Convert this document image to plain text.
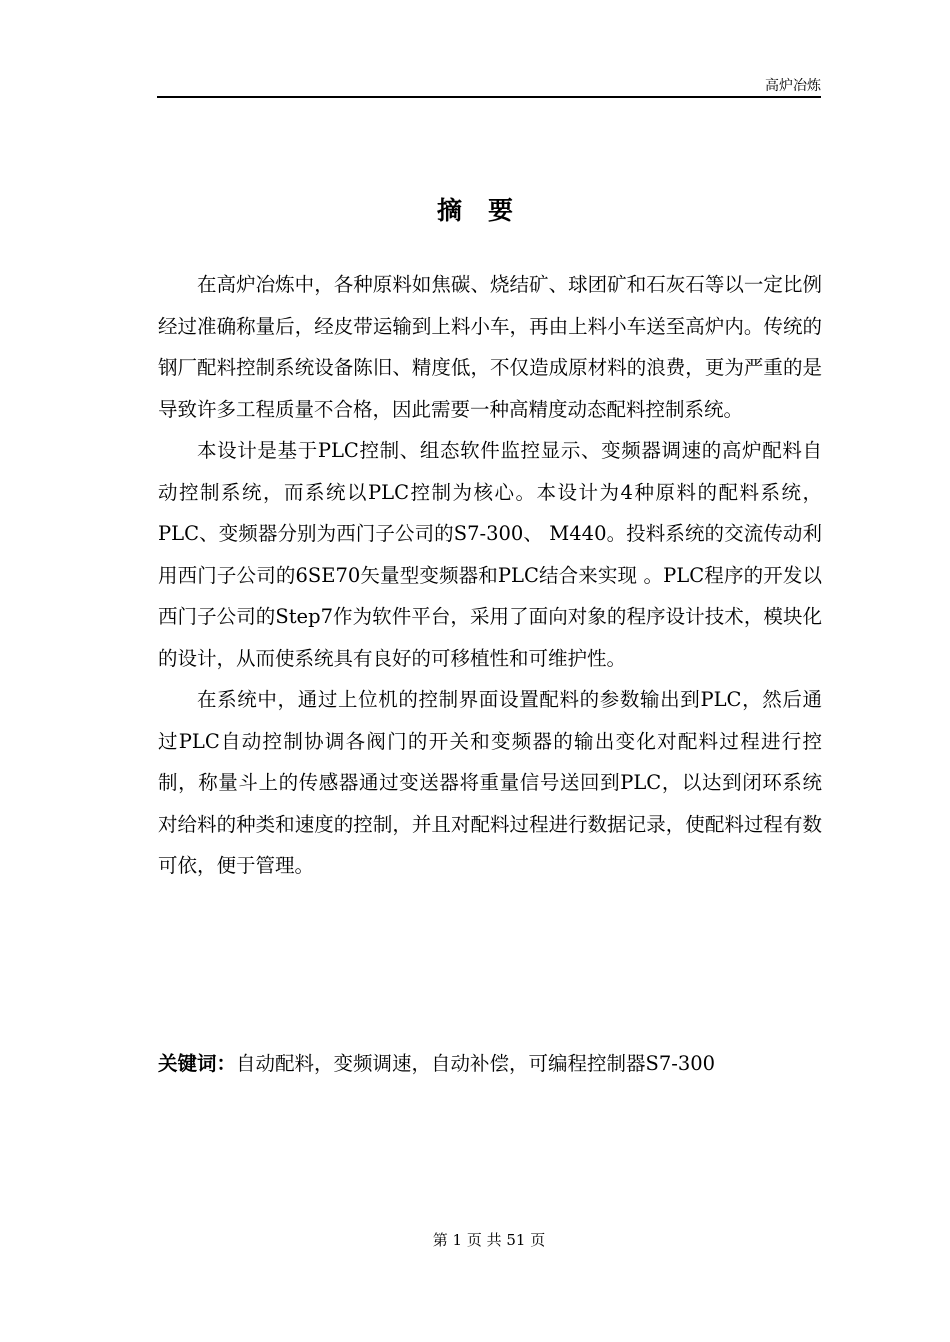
高炉冶炼
摘要

在高炉冶炼中，各种原料如焦碳、烧结矿、球团矿和石灰石等以一定比例经过准确称量后，经皮带运输到上料小车，再由上料小车送至高炉内。传统的钢厂配料控制系统设备陈旧、精度低，不仅造成原材料的浪费，更为严重的是导致许多工程质量不合格，因此需要一种高精度动态配料控制系统。

本设计是基于PLC控制、组态软件监控显示、变频器调速的高炉配料自动控制系统，而系统以PLC控制为核心。本设计为4种原料的配料系统，PLC、变频器分别为西门子公司的S7-300、 M440。投料系统的交流传动利用西门子公司的6SE70矢量型变频器和PLC结合来实现 。PLC程序的开发以西门子公司的Step7作为软件平台，采用了面向对象的程序设计技术，模块化的设计，从而使系统具有良好的可移植性和可维护性。

在系统中，通过上位机的控制界面设置配料的参数输出到PLC，然后通过PLC自动控制协调各阀门的开关和变频器的输出变化对配料过程进行控制，称量斗上的传感器通过变送器将重量信号送回到PLC，以达到闭环系统对给料的种类和速度的控制，并且对配料过程进行数据记录，使配料过程有数可依，便于管理。

关键词：自动配料，变频调速，自动补偿，可编程控制器S7-300
第 1 页 共 51 页
